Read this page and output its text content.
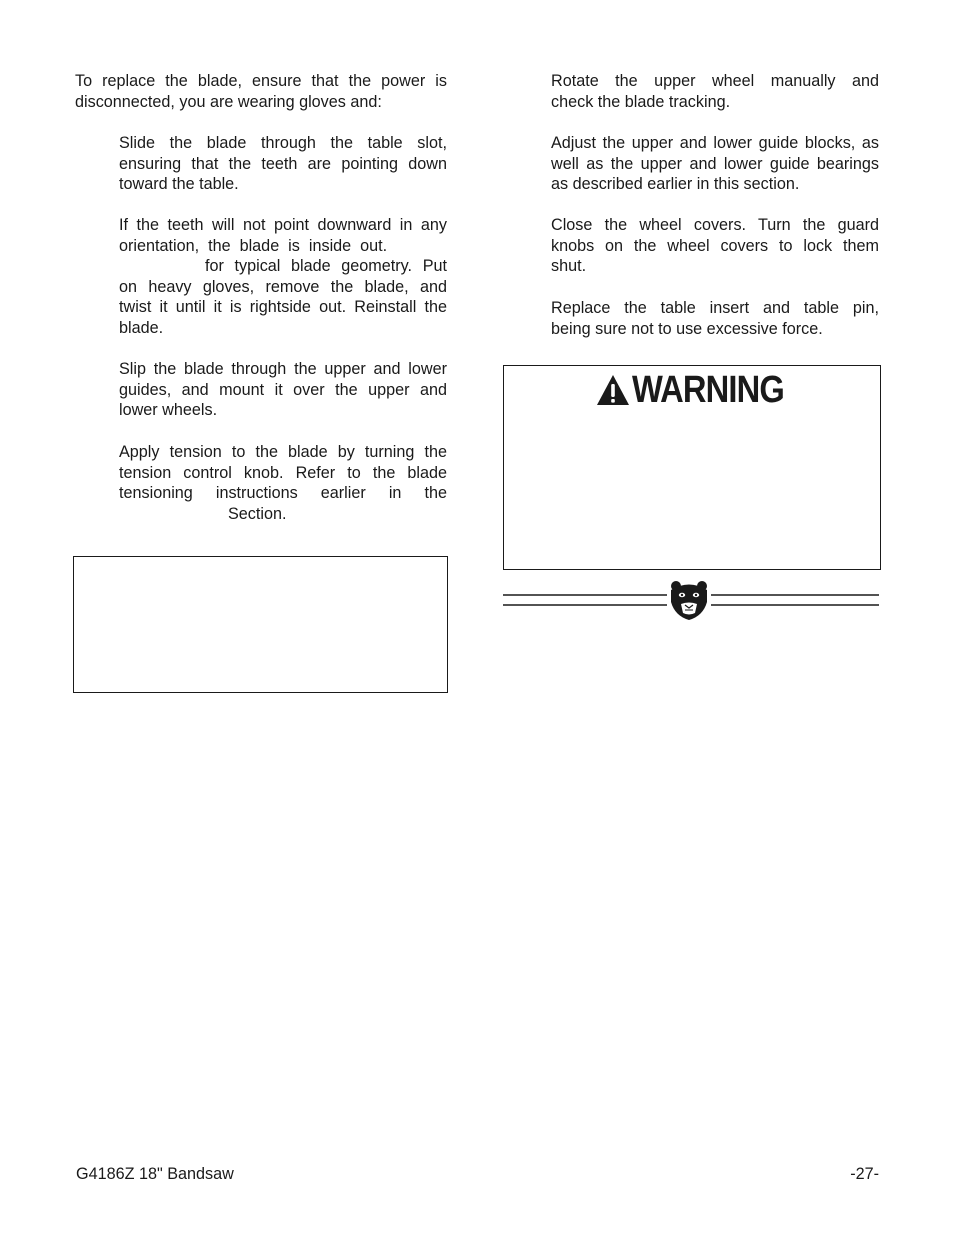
To replace the blade, ensure that the power is
disconnected, you are wearing gloves and:
Slide the blade through the table slot,
ensuring that the teeth are pointing down
toward the table.
If the teeth will not point downward in any
orientation,  the  blade  is  inside  out.
for typical blade geometry. Put
on heavy gloves, remove the blade, and
twist it until it is rightside out. Reinstall the
blade.
Slip the blade through the upper and lower
guides, and mount it over the upper and
lower wheels.
Apply tension to the blade by turning the
tension control knob. Refer to the blade
tensioning   instructions   earlier   in   the
Section.
Rotate the upper wheel manually and
check the blade tracking.
Adjust the upper and lower guide blocks, as
well as the upper and lower guide bearings
as described earlier in this section.
Close the wheel covers. Turn the guard
knobs on the wheel covers to lock them
shut.
Replace the table insert and table pin,
being sure not to use excessive force.
WARNING
G4186Z 18" Bandsaw	-27-
